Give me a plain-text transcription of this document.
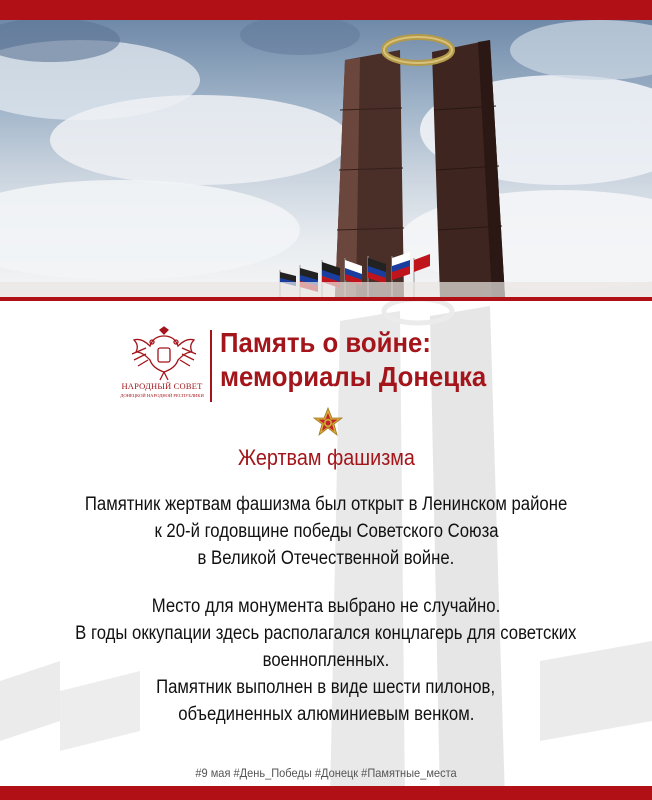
НАРОДНЫЙ СОВЕТ
ДОНЕЦКОЙ НАРОДНОЙ РЕСПУБЛИКИ
Память о войне:
мемориалы Донецка
Жертвам фашизма
Памятник жертвам фашизма был открыт в Ленинском районе
к 20-й годовщине победы Советского Союза
в Великой Отечественной войне.
Место для монумента выбрано не случайно.
В годы оккупации здесь располагался концлагерь для советских
военнопленных.
Памятник выполнен в виде шести пилонов,
объединенных алюминиевым венком.
#9 мая #День_Победы #Донецк #Памятные_места
